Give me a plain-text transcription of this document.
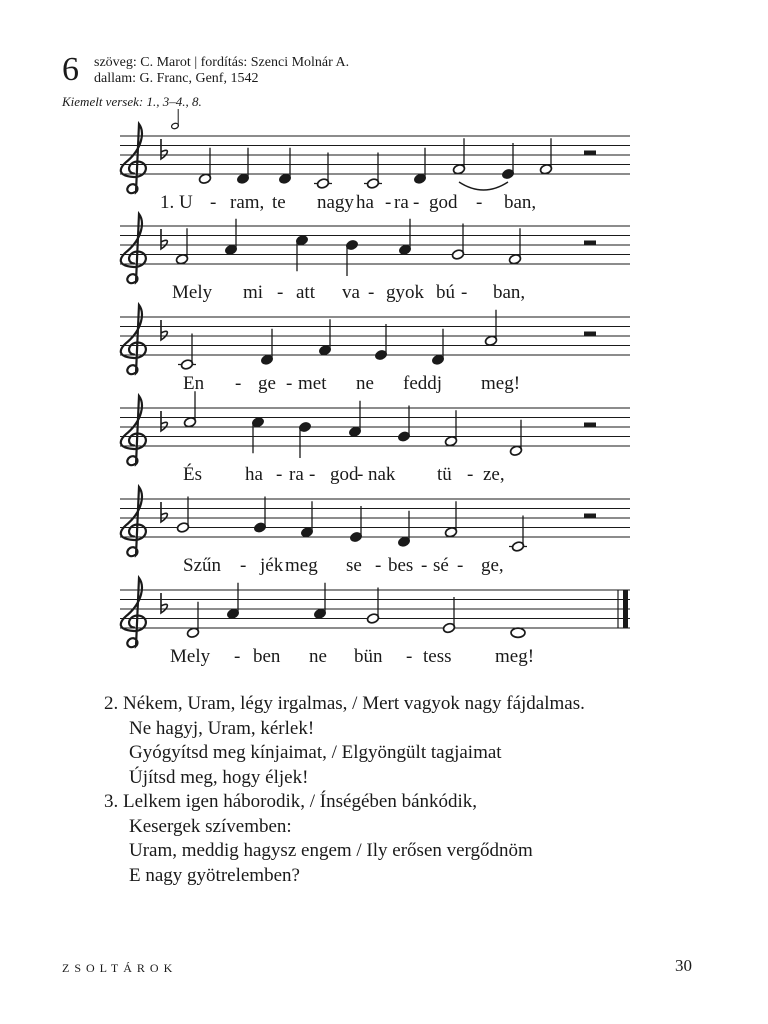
6 szöveg: C. Marot | fordítás: Szenci Molnár A.
dallam: G. Franc, Genf, 1542
Kiemelt versek: 1., 3–4., 8.
1. U - ram, te nagy ha - ra - god - ban,
Mely mi - att va - gyok bú - ban,
En - ge - met ne feddj meg!
És ha - ra - god
- nak tü - ze,
Szűn - jék meg se - bes - sé - ge,
Mely - ben ne bün - tess meg!
2. Nékem, Uram, légy irgalmas, / Mert vagyok nagy fájdalmas.
Ne hagyj, Uram, kérlek!
Gyógyítsd meg kínjaimat, / Elgyöngült tagjaimat
Újítsd meg, hogy éljek!
3. Lelkem igen háborodik, / Ínségében bánkódik,
Kesergek szívemben:
Uram, meddig hagysz engem / Ily erősen vergődnöm
E nagy gyötrelemben?
ZSOLTÁROK	30
